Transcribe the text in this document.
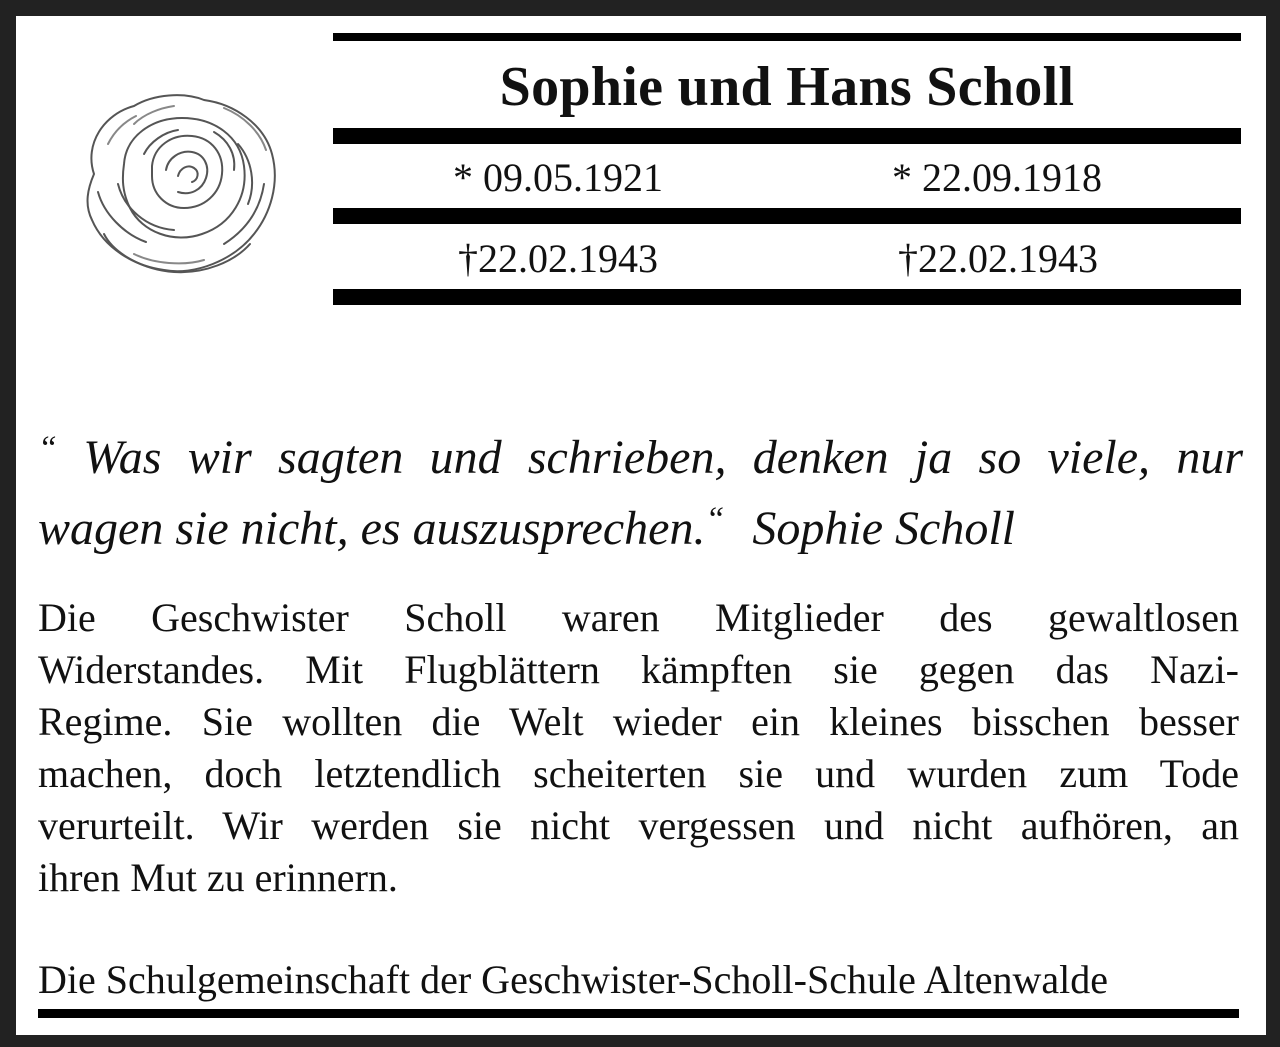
Sophie und Hans Scholl
* 09.05.1921	* 22.09.1918
†22.02.1943	†22.02.1943
“ Was wir sagten und schrieben, denken ja so viele, nur
wagen sie nicht, es auszusprechen.“ Sophie Scholl
Die Geschwister Scholl waren Mitglieder des gewaltlosen
Widerstandes. Mit Flugblättern kämpften sie gegen das Nazi-
Regime. Sie wollten die Welt wieder ein kleines bisschen besser
machen, doch letztendlich scheiterten sie und wurden zum Tode
verurteilt. Wir werden sie nicht vergessen und nicht aufhören, an
ihren Mut zu erinnern.
Die Schulgemeinschaft der Geschwister-Scholl-Schule Altenwalde
